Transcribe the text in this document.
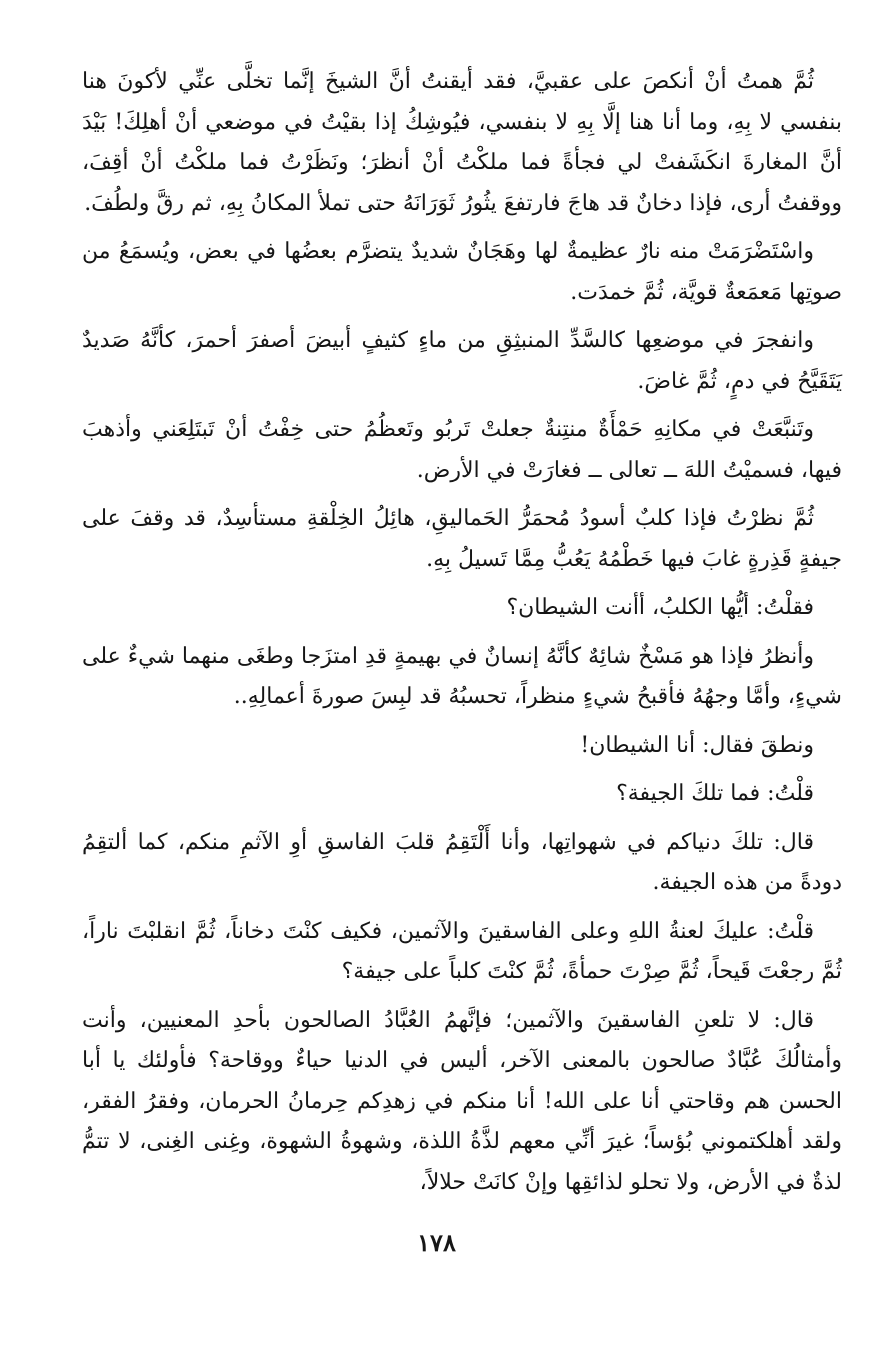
ثُمَّ همتُ أنْ أنكصَ على عقبيَّ، فقد أيقنتُ أنَّ الشيخَ إنَّما تخلَّى عنِّي لأكونَ هنا بنفسي لا بِهِ، وما أنا هنا إلَّا بِهِ لا بنفسي، فيُوشِكُ إذا بقيْتُ في موضعي أنْ أهلِكَ! بَيْدَ أنَّ المغارةَ انكَشَفتْ لي فجأةً فما ملكْتُ أنْ أنظرَ؛ ونَظَرْتُ فما ملكْتُ أنْ أقِفَ، ووقفتُ أرى، فإذا دخانٌ قد هاجَ فارتفعَ يثُورُ ثَوَرَانَهُ حتى تملأ المكانُ بِهِ، ثم رقَّ ولطُفَ.

واسْتَضْرَمَتْ منه نارٌ عظيمةٌ لها وهَجَانٌ شديدٌ يتضرَّم بعضُها في بعض، ويُسمَعُ من صوتِها مَعمَعةٌ قويَّة، ثُمَّ خمدَت.

وانفجرَ في موضعِها كالسَّدِّ المنبثِقِ من ماءٍ كثيفٍ أبيضَ أصفرَ أحمرَ، كأنَّهُ صَديدٌ يَتَقَيَّحُ في دمٍ، ثُمَّ غاضَ.

وتَنبَّعَتْ في مكانِهِ حَمْأَةٌ منتِنةٌ جعلتْ تَربُو وتَعظُمُ حتى خِفْتُ أنْ تَبتَلِعَني وأذهبَ فيها، فسميْتُ اللهَ ــ تعالى ــ فغارَتْ في الأرض.

ثُمَّ نظرْتُ فإذا كلبٌ أسودُ مُحمَرُّ الحَماليقِ، هائِلُ الخِلْقةِ مستأسِدٌ، قد وقفَ على جيفةٍ قَذِرةٍ غابَ فيها خَطْمُهُ يَعُبُّ مِمَّا تَسيلُ بِهِ.

فقلْتُ: أيُّها الكلبُ، أأنت الشيطان؟

وأنظرُ فإذا هو مَسْخٌ شائِهٌ كأنَّهُ إنسانٌ في بهيمةٍ قدِ امتزَجا وطغَى منهما شيءٌ على شيءٍ، وأمَّا وجهُهُ فأقبحُ شيءٍ منظراً، تحسبُهُ قد لبِسَ صورةَ أعمالِهِ..

ونطقَ فقال: أنا الشيطان!

قلْتُ: فما تلكَ الجيفة؟

قال: تلكَ دنياكم في شهواتِها، وأنا أَلْتَقِمُ قلبَ الفاسقِ أوِ الآثمِ منكم، كما ألتقِمُ دودةً من هذه الجيفة.

قلْتُ: عليكَ لعنةُ اللهِ وعلى الفاسقينَ والآثمين، فكيف كنْتَ دخاناً، ثُمَّ انقلبْتَ ناراً، ثُمَّ رجعْتَ قَيحاً، ثُمَّ صِرْتَ حمأةً، ثُمَّ كنْتَ كلباً على جيفة؟

قال: لا تلعنِ الفاسقينَ والآثمين؛ فإنَّهمُ العُبَّادُ الصالحون بأحدِ المعنيين، وأنت وأمثالُكَ عُبَّادٌ صالحون بالمعنى الآخر، أليس في الدنيا حياءٌ ووقاحة؟ فأولئك يا أبا الحسن هم وقاحتي أنا على الله! أنا منكم في زهدِكم حِرمانُ الحرمان، وفقرُ الفقر، ولقد أهلكتموني بُؤساً؛ غيرَ أنِّي معهم لذَّةُ اللذة، وشهوةُ الشهوة، وغِنى الغِنى، لا تتمُّ لذةٌ في الأرض، ولا تحلو لذائقِها وإنْ كانَتْ حلالاً،

١٧٨
